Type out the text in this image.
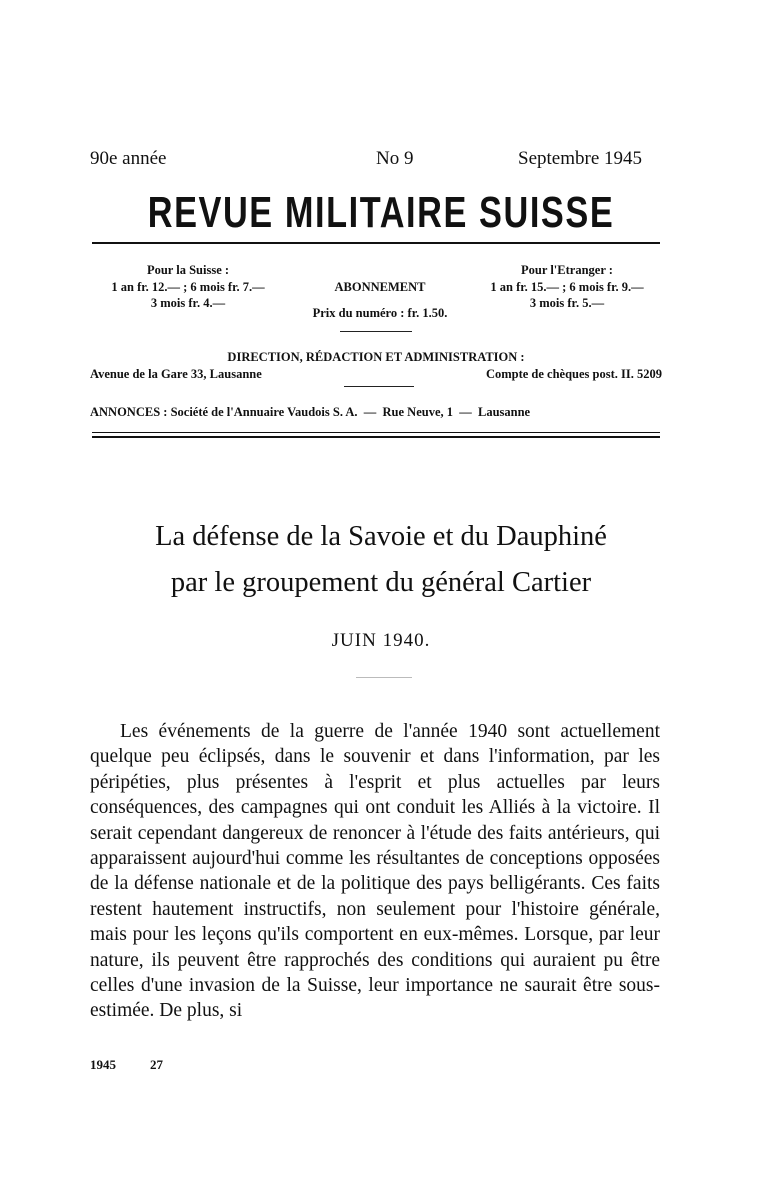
90e année	No 9	Septembre 1945
REVUE MILITAIRE SUISSE
Pour la Suisse :
1 an fr. 12.— ; 6 mois fr. 7.—
3 mois fr. 4.—
ABONNEMENT
Prix du numéro : fr. 1.50.
Pour l'Etranger :
1 an fr. 15.— ; 6 mois fr. 9.—
3 mois fr. 5.—
DIRECTION, RÉDACTION ET ADMINISTRATION :
Avenue de la Gare 33, Lausanne	Compte de chèques post. II. 5209
ANNONCES : Société de l'Annuaire Vaudois S. A.  —  Rue Neuve, 1  —  Lausanne
La défense de la Savoie et du Dauphiné
par le groupement du général Cartier
JUIN 1940.
Les événements de la guerre de l'année 1940 sont actuellement quelque peu éclipsés, dans le souvenir et dans l'information, par les péripéties, plus présentes à l'esprit et plus actuelles par leurs conséquences, des campagnes qui ont conduit les Alliés à la victoire. Il serait cependant dangereux de renoncer à l'étude des faits antérieurs, qui apparaissent aujourd'hui comme les résultantes de conceptions opposées de la défense nationale et de la politique des pays belligérants. Ces faits restent hautement instructifs, non seulement pour l'histoire générale, mais pour les leçons qu'ils comportent en eux-mêmes. Lorsque, par leur nature, ils peuvent être rapprochés des conditions qui auraient pu être celles d'une invasion de la Suisse, leur importance ne saurait être sous-estimée. De plus, si
1945	27
